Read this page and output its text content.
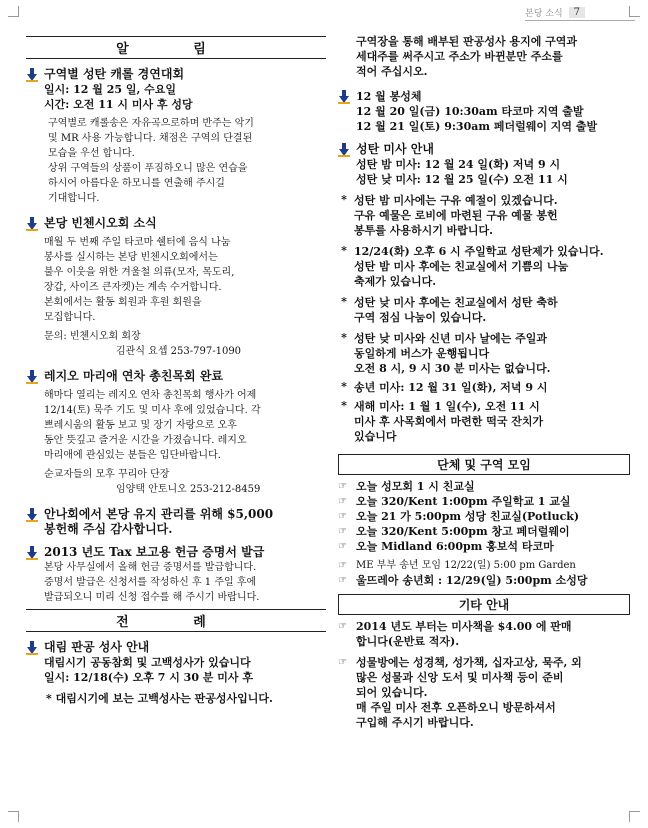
본당 소식	7
알 림
구역별 성탄 캐롤 경연대회
일시: 12 월 25 일, 수요일
시간: 오전 11 시 미사 후 성당
구역별로 캐롤송은 자유곡으로하며 반주는 악기
및 MR 사용 가능합니다. 채점은 구역의 단결된
모습을 우선 합니다.
상위 구역들의 상품이 푸짐하오니 많은 연습을
하시어 아름다운 하모니를 연출해 주시길
기대합니다.
본당 빈첸시오회 소식
매월 두 번째 주일 타코마 쉘터에 음식 나눔
봉사를 실시하는 본당 빈첸시오회에서는
불우 이웃을 위한 겨울철 의류(모자, 목도리,
장갑, 사이즈 큰자켓)는 계속 수거합니다.
본회에서는 활동 회원과 후원 회원을
모집합니다.
문의: 빈첸시오회 회장
김관식 요셉 253-797-1090
레지오 마리애 연차 총친목회 완료
해마다 열리는 레지오 연차 총친목회 행사가 어제
12/14(토) 묵주 기도 및 미사 후에 있었습니다. 각
쁘레시움의 활동 보고 및 장기 자랑으로 오후
동안 뜻깊고 즐거운 시간을 가졌습니다. 레지오
마리애에 관심있는 분들은 입단바랍니다.
순교자들의 모후 꾸리아 단장
임양택 안토니오 253-212-8459
안나회에서 본당 유지 관리를 위해 $5,000
봉헌해 주심 감사합니다.
2013 년도 Tax 보고용 헌금 증명서 발급
본당 사무실에서 올해 헌금 증명서를 발급합니다.
증명서 발급은 신청서를 작성하신 후 1 주일 후에
발급되오니 미리 신청 접수를 해 주시기 바랍니다.
전 례
대림 판공 성사 안내
대림시기 공동참회 및 고백성사가 있습니다
일시: 12/18(수) 오후 7 시 30 분 미사 후
* 대림시기에 보는 고백성사는 판공성사입니다.
구역장을 통해 배부된 판공성사 용지에 구역과
세대주를 써주시고 주소가 바뀐분만 주소를
적어 주십시오.
12 월 봉성체
12 월 20 일(금) 10:30am 타코마 지역 출발
12 월 21 일(토) 9:30am 페더럴웨이 지역 출발
성탄 미사 안내
성탄 밤 미사: 12 월 24 일(화) 저녁 9 시
성탄 낮 미사: 12 월 25 일(수) 오전 11 시
* 성탄 밤 미사에는 구유 예절이 있겠습니다.
구유 예물은 로비에 마련된 구유 예물 봉헌
봉투를 사용하시기 바랍니다.
* 12/24(화) 오후 6 시 주일학교 성탄제가 있습니다.
성탄 밤 미사 후에는 친교실에서 기쁨의 나눔
축제가 있습니다.
* 성탄 낮 미사 후에는 친교실에서 성탄 축하
구역 점심 나눔이 있습니다.
* 성탄 낮 미사와 신년 미사 날에는 주일과
동일하게 버스가 운행됩니다
오전 8 시, 9 시 30 분 미사는 없습니다.
* 송년 미사: 12 월 31 일(화), 저녁 9 시
* 새해 미사: 1 월 1 일(수), 오전 11 시
미사 후 사목회에서 마련한 떡국 잔치가
있습니다
단체 및 구역 모임
☞ 오늘 성모회 1 시 친교실
☞ 오늘 320/Kent 1:00pm 주일학교 1 교실
☞ 오늘 21 가 5:00pm 성당 친교실(Potluck)
☞ 오늘 320/Kent 5:00pm 창고 페더럴웨이
☞ 오늘 Midland 6:00pm 홍보석 타코마
☞ ME 부부 송년 모임 12/22(일) 5:00 pm Garden
☞ 울뜨레아 송년회 : 12/29(일) 5:00pm 소성당
기타 안내
☞ 2014 년도 부터는 미사책을 $4.00 에 판매
합니다(운반료 적자).
☞ 성물방에는 성경책, 성가책, 십자고상, 묵주, 외
많은 성물과 신앙 도서 및 미사책 등이 준비
되어 있습니다.
매 주일 미사 전후 오픈하오니 방문하셔서
구입해 주시기 바랍니다.
